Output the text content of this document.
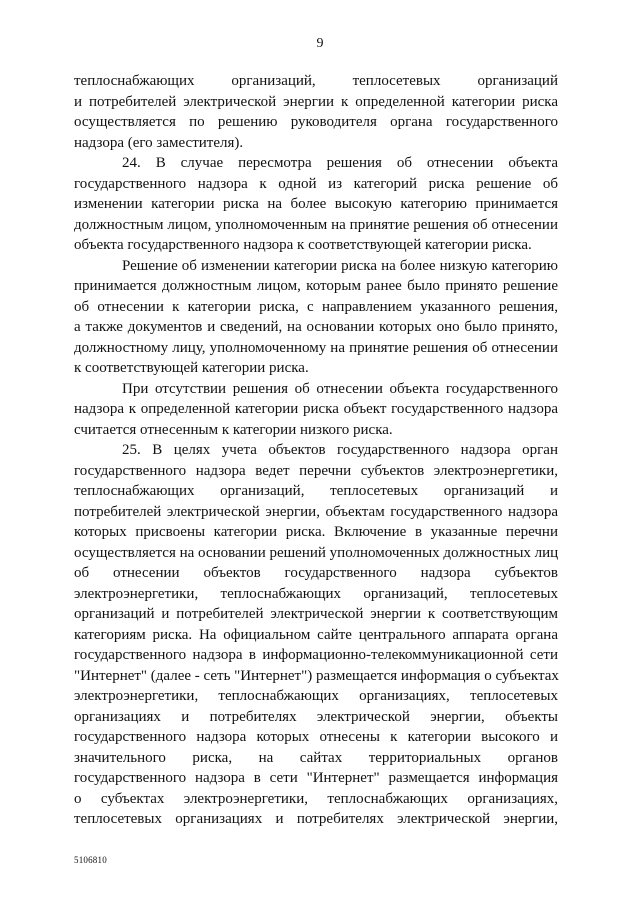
9
теплоснабжающих организаций, теплосетевых организаций
и потребителей электрической энергии к определенной категории риска
осуществляется по решению руководителя органа государственного
надзора (его заместителя).
24. В случае пересмотра решения об отнесении объекта
государственного надзора к одной из категорий риска решение об
изменении категории риска на более высокую категорию принимается
должностным лицом, уполномоченным на принятие решения об отнесении
объекта государственного надзора к соответствующей категории риска.
Решение об изменении категории риска на более низкую категорию
принимается должностным лицом, которым ранее было принято решение
об отнесении к категории риска, с направлением указанного решения,
а также документов и сведений, на основании которых оно было принято,
должностному лицу, уполномоченному на принятие решения об отнесении
к соответствующей категории риска.
При отсутствии решения об отнесении объекта государственного
надзора к определенной категории риска объект государственного надзора
считается отнесенным к категории низкого риска.
25. В целях учета объектов государственного надзора орган
государственного надзора ведет перечни субъектов электроэнергетики,
теплоснабжающих организаций, теплосетевых организаций и
потребителей электрической энергии, объектам государственного надзора
которых присвоены категории риска. Включение в указанные перечни
осуществляется на основании решений уполномоченных должностных лиц
об отнесении объектов государственного надзора субъектов
электроэнергетики, теплоснабжающих организаций, теплосетевых
организаций и потребителей электрической энергии к соответствующим
категориям риска. На официальном сайте центрального аппарата органа
государственного надзора в информационно-телекоммуникационной сети
"Интернет" (далее - сеть "Интернет") размещается информация о субъектах
электроэнергетики, теплоснабжающих организациях, теплосетевых
организациях и потребителях электрической энергии, объекты
государственного надзора которых отнесены к категории высокого и
значительного риска, на сайтах территориальных органов
государственного надзора в сети "Интернет" размещается информация
о субъектах электроэнергетики, теплоснабжающих организациях,
теплосетевых организациях и потребителях электрической энергии,
5106810
